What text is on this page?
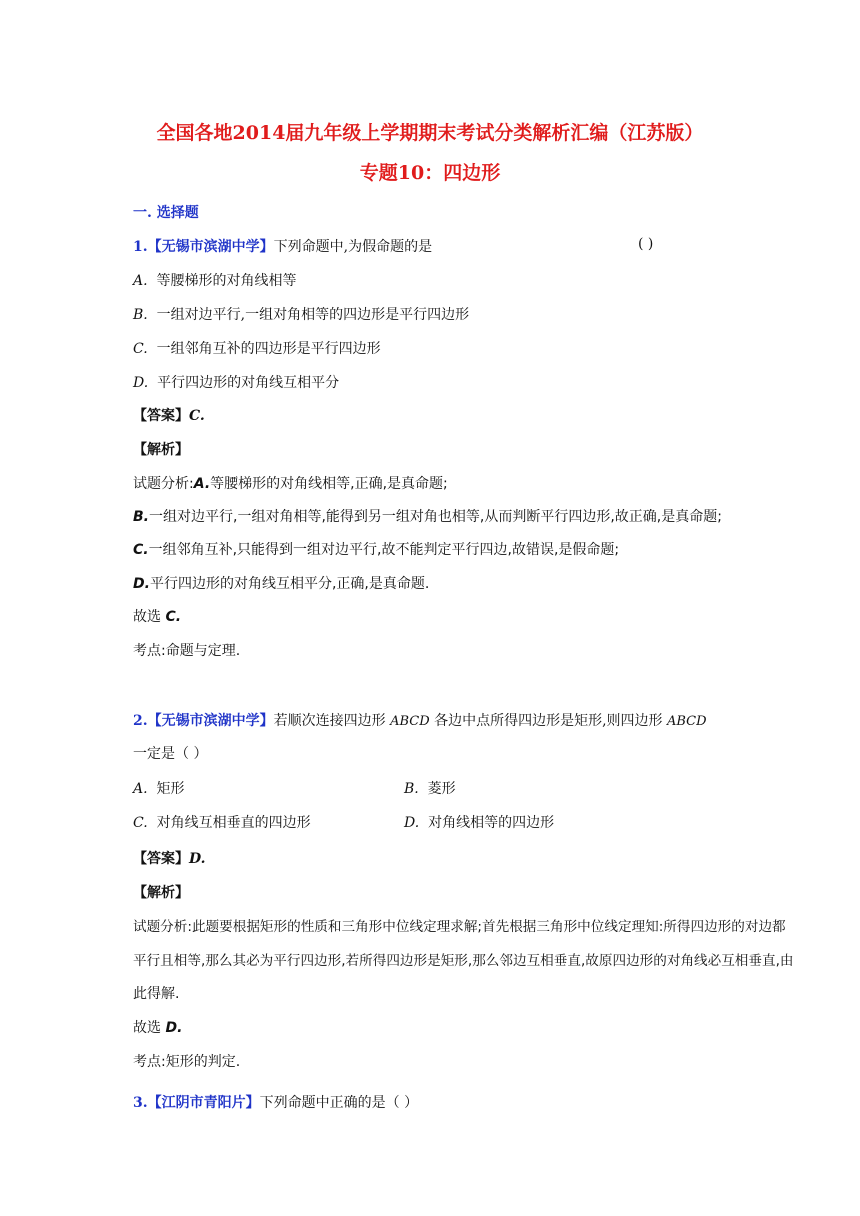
全国各地2014届九年级上学期期末考试分类解析汇编（江苏版）
专题10：四边形
一. 选择题
1.【无锡市滨湖中学】下列命题中,为假命题的是	( )
A. 等腰梯形的对角线相等
B. 一组对边平行,一组对角相等的四边形是平行四边形
C. 一组邻角互补的四边形是平行四边形
D. 平行四边形的对角线互相平分
【答案】C.
【解析】
试题分析:A.等腰梯形的对角线相等,正确,是真命题;
B.一组对边平行,一组对角相等,能得到另一组对角也相等,从而判断平行四边形,故正确,是真命题;
C.一组邻角互补,只能得到一组对边平行,故不能判定平行四边,故错误,是假命题;
D.平行四边形的对角线互相平分,正确,是真命题.
故选 C.
考点:命题与定理.
2.【无锡市滨湖中学】若顺次连接四边形 ABCD 各边中点所得四边形是矩形,则四边形 ABCD
一定是（ ）
A. 矩形	B. 菱形
C. 对角线互相垂直的四边形	D. 对角线相等的四边形
【答案】D.
【解析】
试题分析:此题要根据矩形的性质和三角形中位线定理求解;首先根据三角形中位线定理知:所得四边形的对边都
平行且相等,那么其必为平行四边形,若所得四边形是矩形,那么邻边互相垂直,故原四边形的对角线必互相垂直,由
此得解.
故选 D.
考点:矩形的判定.
3.【江阴市青阳片】下列命题中正确的是（ ）
